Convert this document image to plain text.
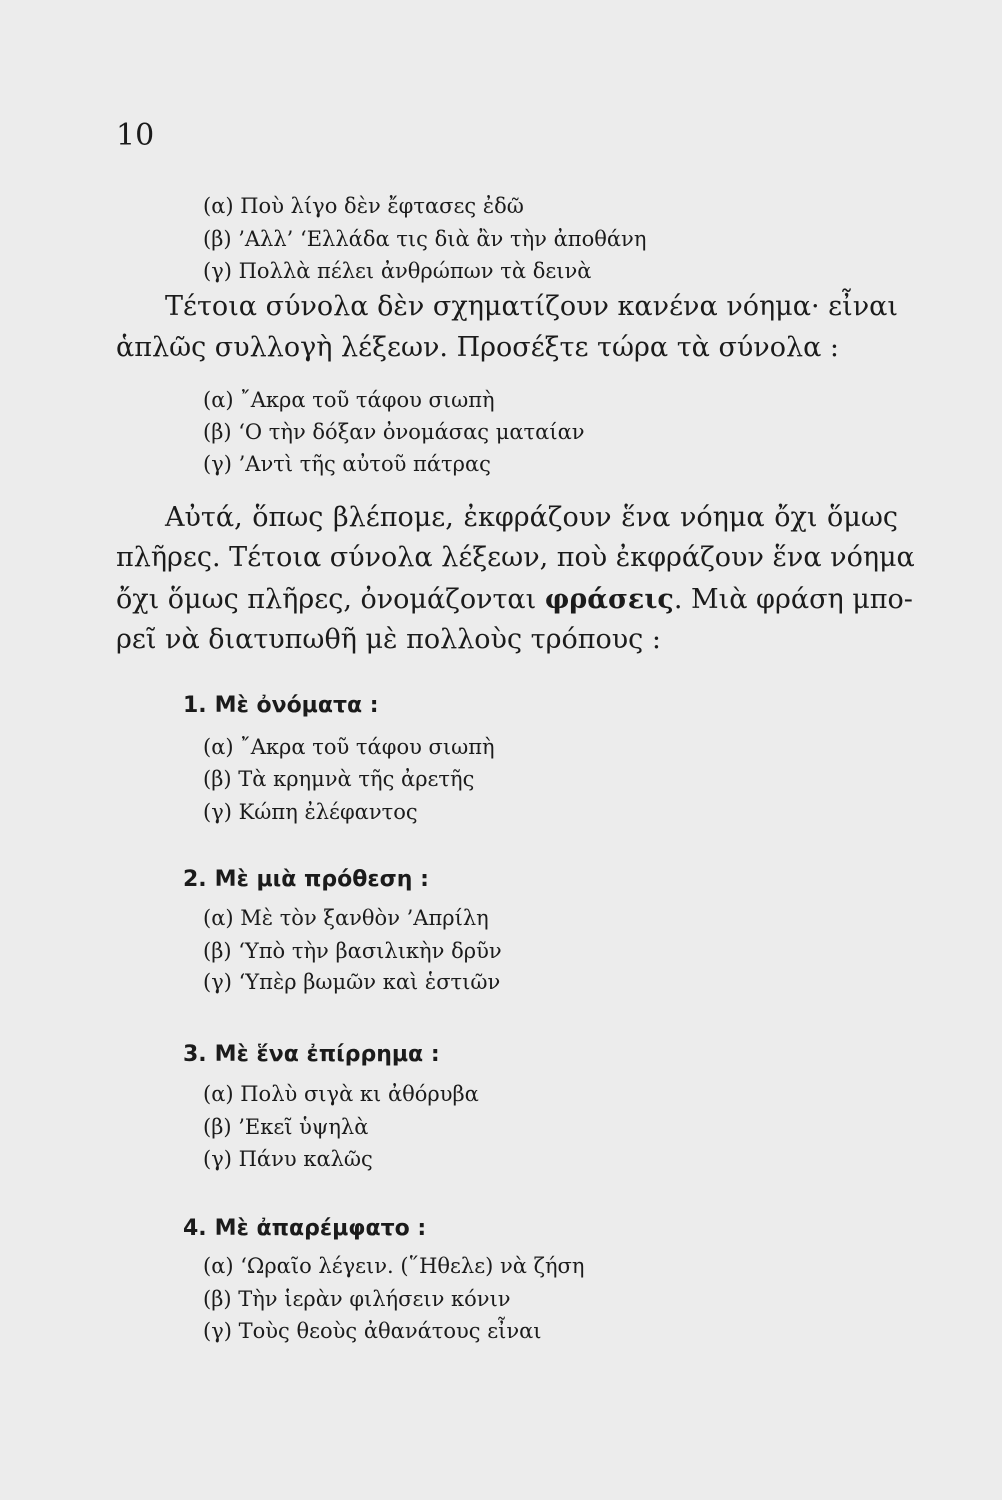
10
(α) Ποὺ λίγο δὲν ἔφτασες ἐδῶ
(β) ’Αλλ’ ‘Ελλάδα τις διὰ ἂν τὴν ἀποθάνη
(γ) Πολλὰ πέλει ἀνθρώπων τὰ δεινὰ
Τέτοια σύνολα δὲν σχηματίζουν κανένα νόημα· εἶναι
ἁπλῶς συλλογὴ λέξεων. Προσέξτε τώρα τὰ σύνολα :
(α) ῎Ακρα τοῦ τάφου σιωπὴ
(β) ‘Ο τὴν δόξαν ὀνομάσας ματαίαν
(γ) ’Αντὶ τῆς αὐτοῦ πάτρας
Αὐτά, ὅπως βλέπομε, ἐκφράζουν ἕνα νόημα ὄχι ὅμως
πλῆρες. Τέτοια σύνολα λέξεων, ποὺ ἐκφράζουν ἕνα νόημα
ὄχι ὅμως πλῆρες, ὀνομάζονται φράσεις. Μιὰ φράση μπο-
ρεῖ νὰ διατυπωθῆ μὲ πολλοὺς τρόπους :
1. Μὲ ὀνόματα :
(α) ῎Ακρα τοῦ τάφου σιωπὴ
(β) Τὰ κρημνὰ τῆς ἀρετῆς
(γ) Κώπη ἐλέφαντος
2. Μὲ μιὰ πρόθεση :
(α) Μὲ τὸν ξανθὸν ’Απρίλη
(β) ‘Υπὸ τὴν βασιλικὴν δρῦν
(γ) ‘Υπὲρ βωμῶν καὶ ἑστιῶν
3. Μὲ ἕνα ἐπίρρημα :
(α) Πολὺ σιγὰ κι ἀθόρυβα
(β) ’Εκεῖ ὑψηλὰ
(γ) Πάνυ καλῶς
4. Μὲ ἀπαρέμφατο :
(α) ‘Ωραῖο λέγειν. (῞Ηθελε) νὰ ζήση
(β) Τὴν ἱερὰν φιλήσειν κόνιν
(γ) Τοὺς θεοὺς ἀθανάτους εἶναι
